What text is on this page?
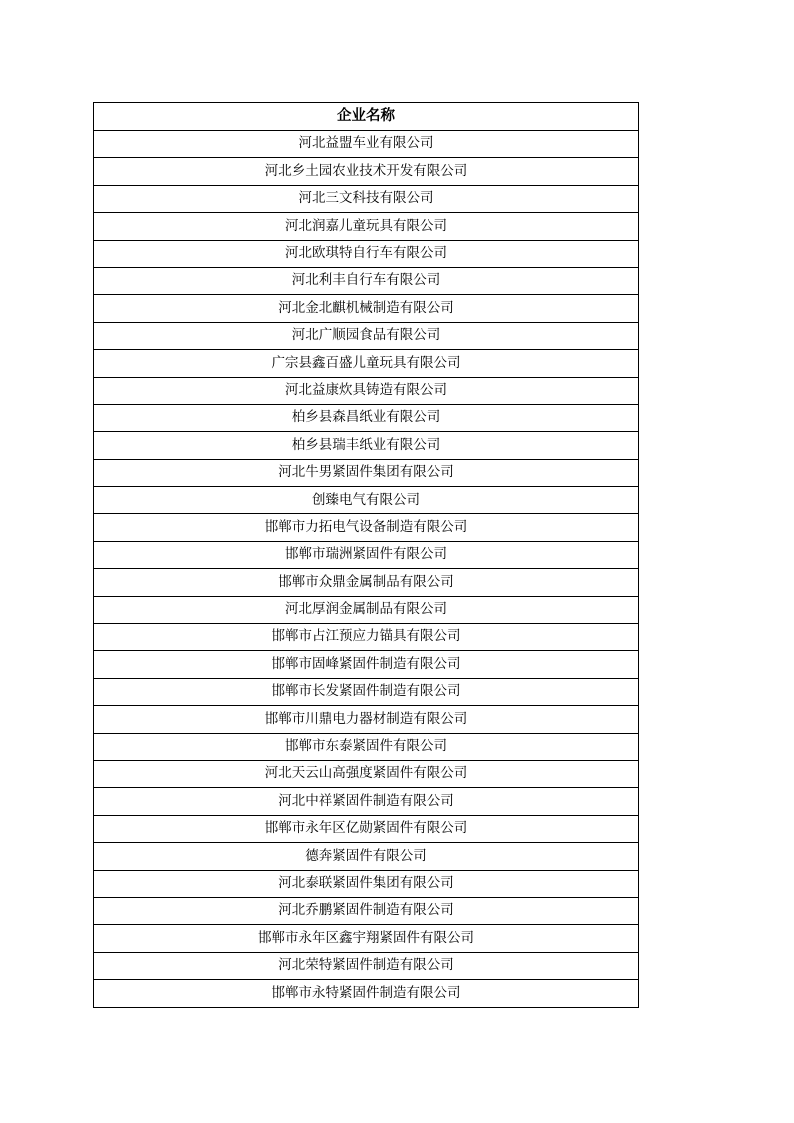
企业名称
河北益盟车业有限公司
河北乡土园农业技术开发有限公司
河北三文科技有限公司
河北润嘉儿童玩具有限公司
河北欧琪特自行车有限公司
河北利丰自行车有限公司
河北金北麒机械制造有限公司
河北广顺园食品有限公司
广宗县鑫百盛儿童玩具有限公司
河北益康炊具铸造有限公司
柏乡县森昌纸业有限公司
柏乡县瑞丰纸业有限公司
河北牛男紧固件集团有限公司
创臻电气有限公司
邯郸市力拓电气设备制造有限公司
邯郸市瑞洲紧固件有限公司
邯郸市众鼎金属制品有限公司
河北厚润金属制品有限公司
邯郸市占江预应力锚具有限公司
邯郸市固峰紧固件制造有限公司
邯郸市长发紧固件制造有限公司
邯郸市川鼎电力器材制造有限公司
邯郸市东泰紧固件有限公司
河北天云山高强度紧固件有限公司
河北中祥紧固件制造有限公司
邯郸市永年区亿勋紧固件有限公司
德奔紧固件有限公司
河北泰联紧固件集团有限公司
河北乔鹏紧固件制造有限公司
邯郸市永年区鑫宇翔紧固件有限公司
河北荣特紧固件制造有限公司
邯郸市永特紧固件制造有限公司
